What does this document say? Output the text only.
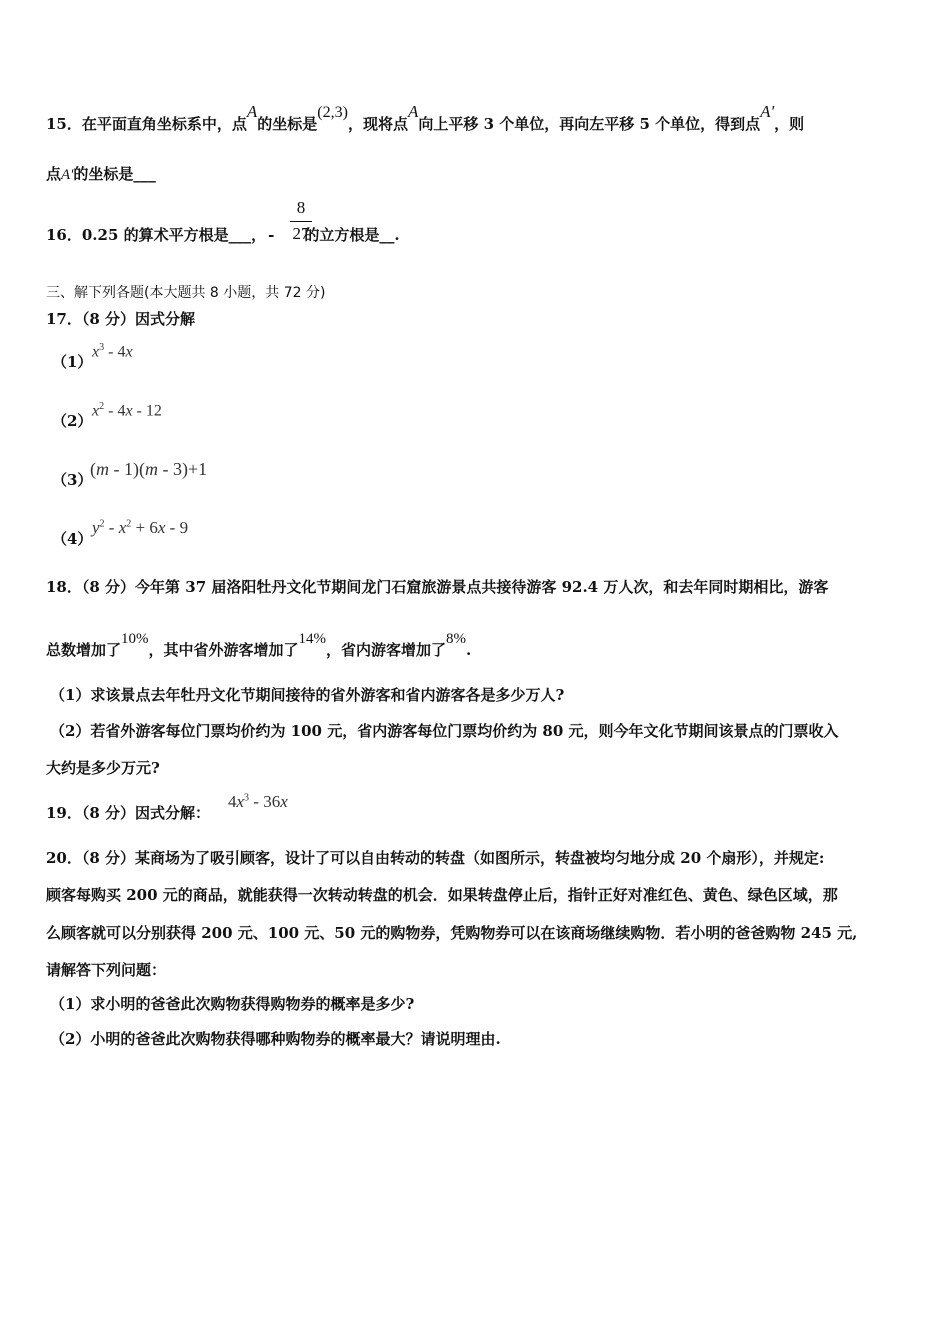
15．在平面直角坐标系中，点A的坐标是(2,3)，现将点A向上平移 3 个单位，再向左平移 5 个单位，得到点A'，则
点A'的坐标是___
16．0.25 的算术平方根是___， - 的立方根是__.
8
27
三、解下列各题(本大题共 8 小题，共 72 分)
17．（8 分）因式分解
（1）
$x^3 - 4x$
（2）
$x^2 - 4x - 12$
（3）
(m - 1)(m - 3)+1
（4）
$y^2 - x^2 + 6x - 9$
18．（8 分）今年第 37 届洛阳牡丹文化节期间龙门石窟旅游景点共接待游客 92.4 万人次，和去年同时期相比，游客
总数增加了10%，其中省外游客增加了14%，省内游客增加了8%.
（1）求该景点去年牡丹文化节期间接待的省外游客和省内游客各是多少万人?
（2）若省外游客每位门票均价约为 100 元，省内游客每位门票均价约为 80 元，则今年文化节期间该景点的门票收入
大约是多少万元?
19．（8 分）因式分解：
$4x^3 - 36x$
20．（8 分）某商场为了吸引顾客，设计了可以自由转动的转盘（如图所示，转盘被均匀地分成 20 个扇形），并规定:
顾客每购买 200 元的商品，就能获得一次转动转盘的机会．如果转盘停止后，指针正好对准红色、黄色、绿色区域，那
么顾客就可以分别获得 200 元、100 元、50 元的购物券，凭购物券可以在该商场继续购物．若小明的爸爸购物 245 元,
请解答下列问题：
（1）求小明的爸爸此次购物获得购物券的概率是多少?
（2）小明的爸爸此次购物获得哪种购物券的概率最大？请说明理由.
